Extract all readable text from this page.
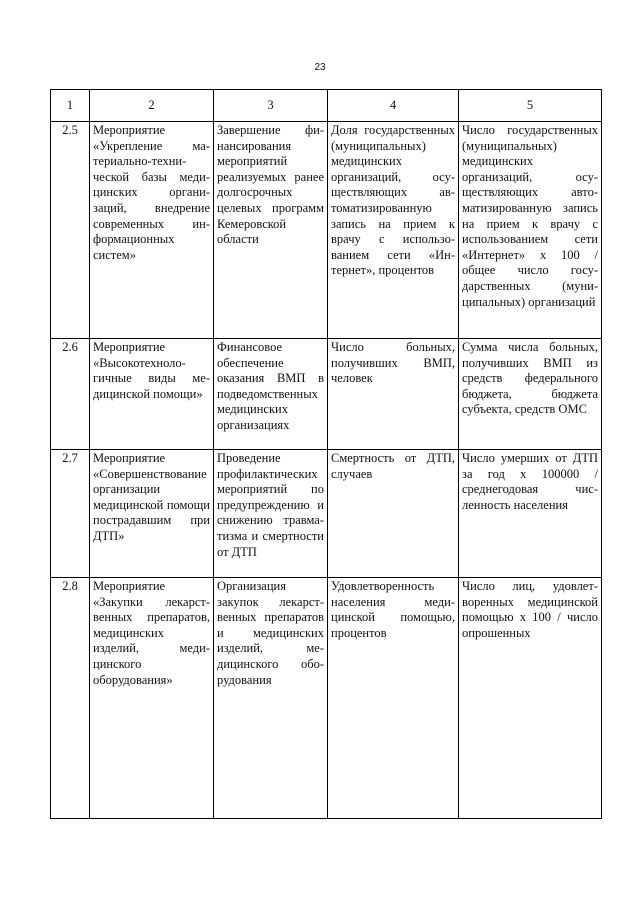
23
1	2	3	4	5
2.5	Мероприятие «Укрепление материально-технической базы медицинских организаций, внедрение современных информационных систем»	Завершение финансирования мероприятий реализуемых ранее долгосрочных целевых программ Кемеровской области	Доля государственных (муниципальных) медицинских организаций, осуществляющих автоматизированную запись на прием к врачу с использованием сети «Интернет», процентов	Число государственных (муниципальных) медицинских организаций, осуществляющих автоматизированную запись на прием к врачу с использованием сети «Интернет» х 100 / общее число государственных (муниципальных) организаций

2.6	Мероприятие «Высокотехнологичные виды медицинской помощи»	Финансовое обеспечение оказания ВМП в подведомственных медицинских организациях	Число больных, получивших ВМП, человек	Сумма числа больных, получивших ВМП из средств федерального бюджета, бюджета субъекта, средств ОМС

2.7	Мероприятие «Совершенствование организации медицинской помощи пострадавшим при ДТП»	Проведение профилактических мероприятий по предупреждению и снижению травматизма и смертности от ДТП	Смертность от ДТП, случаев	Число умерших от ДТП за год х 100000 / среднегодовая численность населения

2.8	Мероприятие «Закупки лекарственных препаратов, медицинских изделий, медицинского оборудования»	Организация закупок лекарственных препаратов и медицинских изделий, медицинского оборудования	Удовлетворенность населения медицинской помощью, процентов	Число лиц, удовлетворенных медицинской помощью х 100 / число опрошенных
